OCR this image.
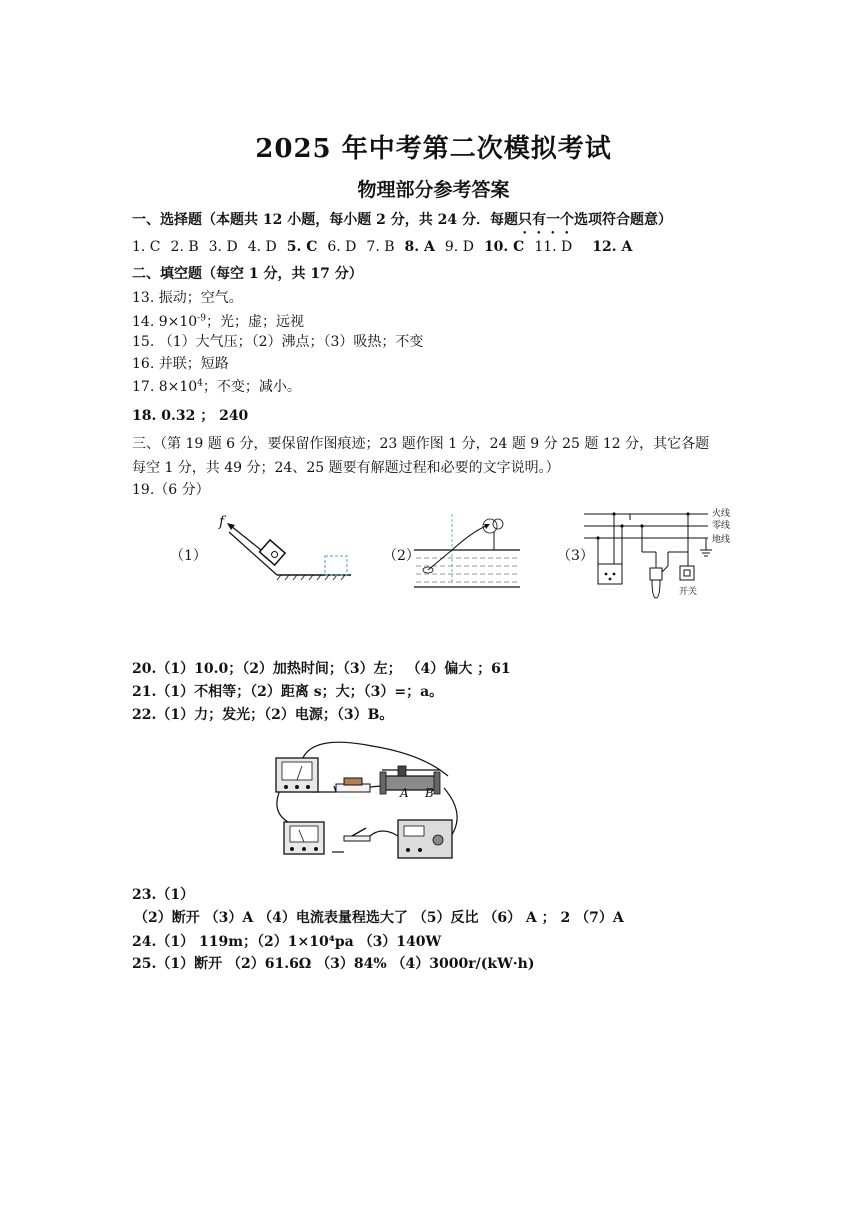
2025 年中考第二次模拟考试
物理部分参考答案
一、选择题（本题共 12 小题，每小题 2 分，共 24 分．每题只有一个选项符合题意）
1. C 2. B 3. D 4. D 5. C 6. D 7. B 8. A 9. D 10. C 11. D 12. A
二、填空题（每空 1 分，共 17 分）
13. 振动；空气。
14. $9\times 10^{-9}$；光；虚；远视
15. （1）大气压；（2）沸点；（3）吸热；不变
16. 并联；短路
17. $8\times 10^4$；不变；减小。
18. 0.32 ； 240
三、（第 19 题 6 分，要保留作图痕迹；23 题作图 1 分，24 题 9 分 25 题 12 分，其它各题
每空 1 分，共 49 分；24、25 题要有解题过程和必要的文字说明。）
19.（6 分）
（1）
f
（2）	（3）
火线
零线
地线
开关
20.（1）10.0；（2）加热时间；（3）左； （4）偏大 ；61
21.（1）不相等；（2）距离 s；大；（3）=；a。
22.（1）力；发光；（2）电源；（3）B。
A B
23.（1）
（2）断开 （3）A （4）电流表量程选大了 （5）反比 （6） A ； 2 （7）A
24.（1） 119m；（2）1×10⁴pa （3）140W
25.（1）断开 （2）61.6Ω （3）84% （4）3000r/(kW·h)
